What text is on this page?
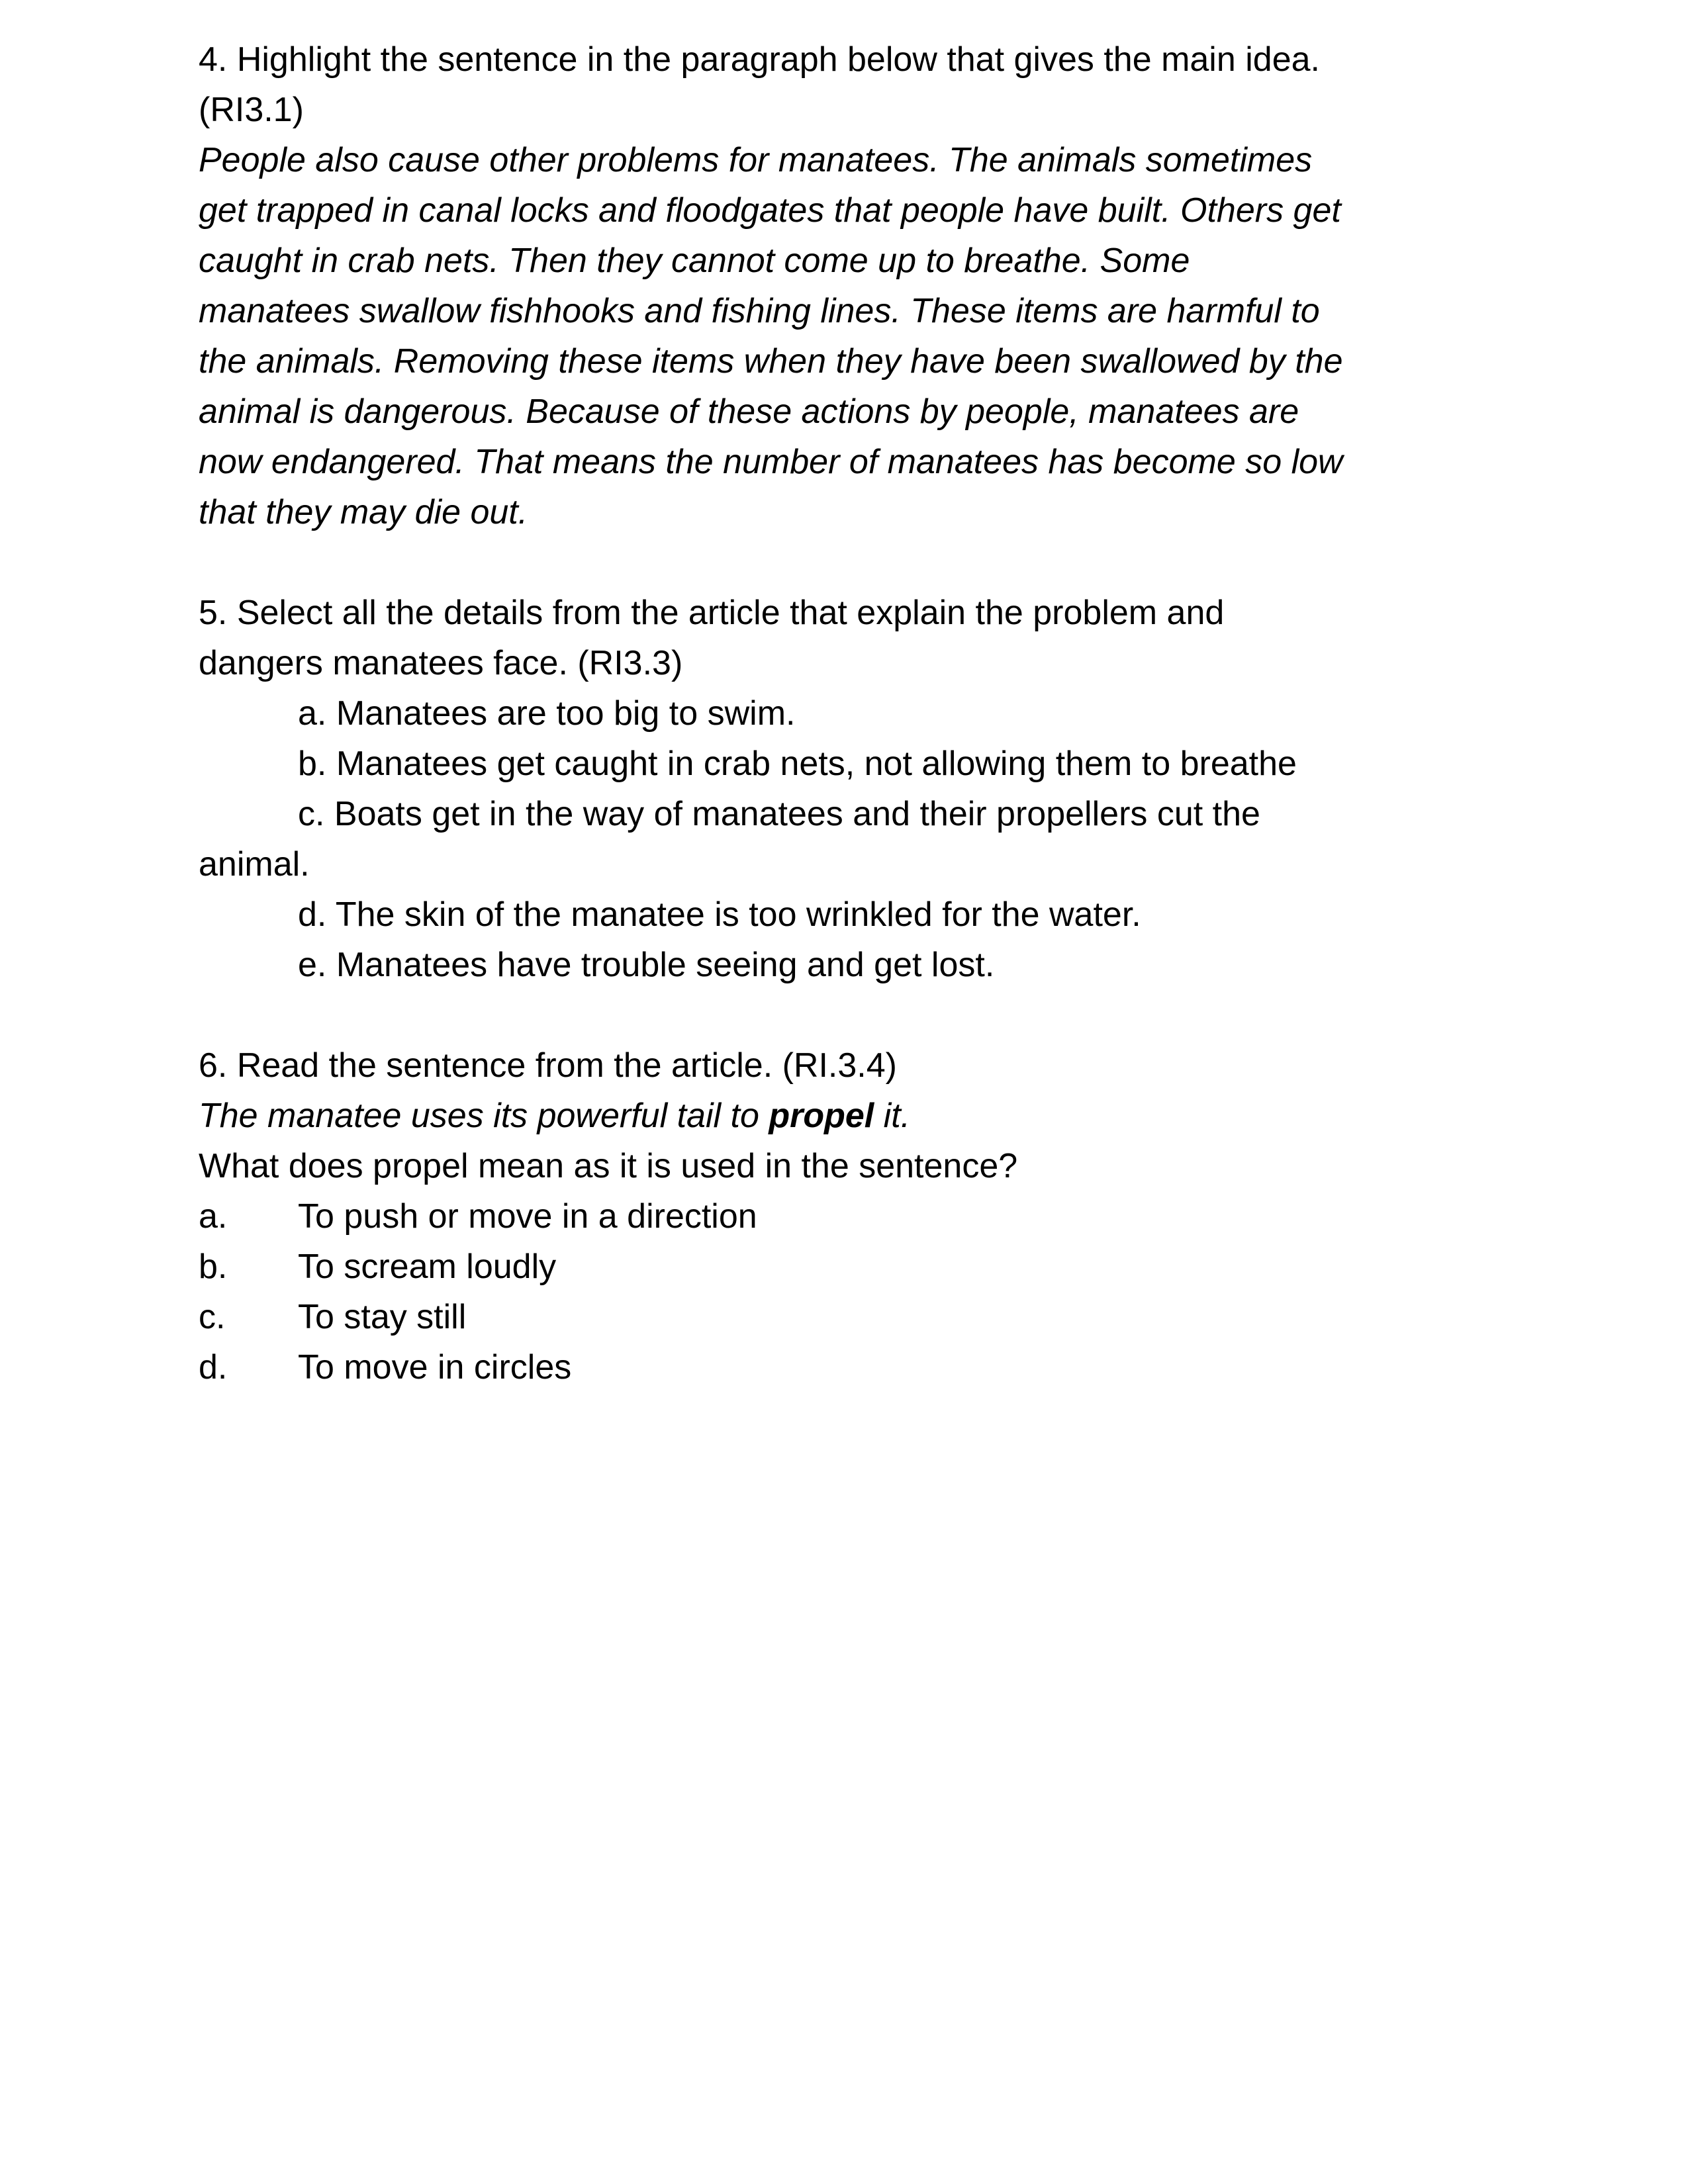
4. Highlight the sentence in the paragraph below that gives the main idea.
(RI3.1)
People also cause other problems for manatees. The animals sometimes
get trapped in canal locks and floodgates that people have built. Others get
caught in crab nets. Then they cannot come up to breathe. Some
manatees swallow fishhooks and fishing lines. These items are harmful to
the animals. Removing these items when they have been swallowed by the
animal is dangerous. Because of these actions by people, manatees are
now endangered. That means the number of manatees has become so low
that they may die out.
5. Select all the details from the article that explain the problem and
dangers manatees face. (RI3.3)
a. Manatees are too big to swim.
b. Manatees get caught in crab nets, not allowing them to breathe
c. Boats get in the way of manatees and their propellers cut the
animal.
d. The skin of the manatee is too wrinkled for the water.
e. Manatees have trouble seeing and get lost.
6. Read the sentence from the article. (RI.3.4)
The manatee uses its powerful tail to propel it.
What does propel mean as it is used in the sentence?
a. To push or move in a direction
b. To scream loudly
c. To stay still
d. To move in circles
